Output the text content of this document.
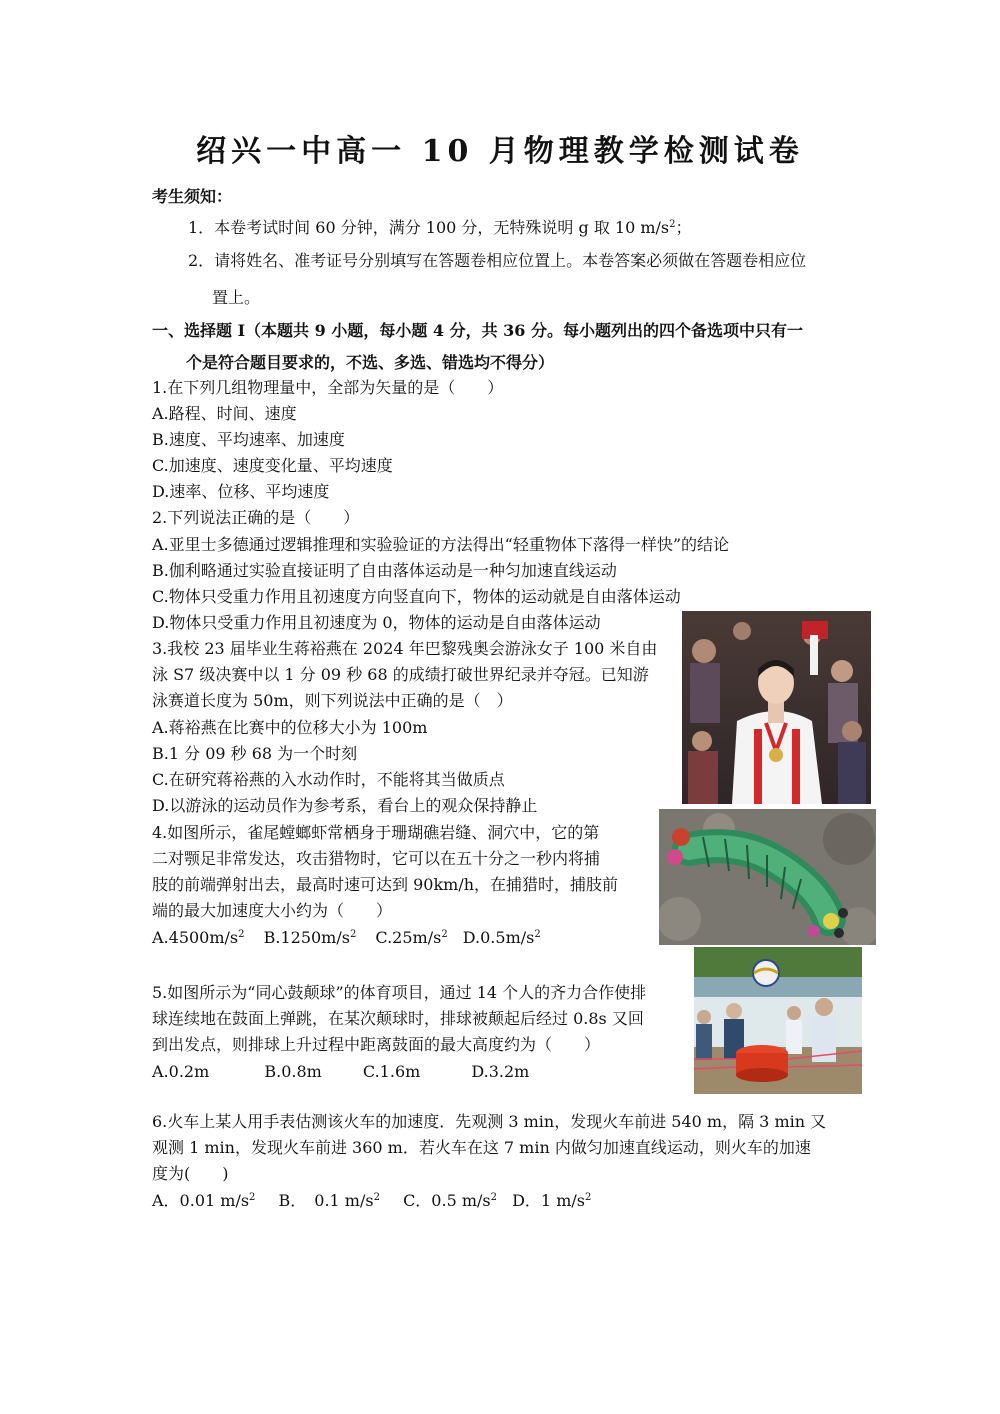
绍兴一中高一 10 月物理教学检测试卷
考生须知：
1．本卷考试时间 60 分钟，满分 100 分，无特殊说明 g 取 10 $m/s^2$；
2．请将姓名、准考证号分别填写在答题卷相应位置上。本卷答案必须做在答题卷相应位
置上。
一、选择题 I（本题共 9 小题，每小题 4 分，共 36 分。每小题列出的四个备选项中只有一
个是符合题目要求的，不选、多选、错选均不得分）
1.在下列几组物理量中，全部为矢量的是（　　）
A.路程、时间、速度
B.速度、平均速率、加速度
C.加速度、速度变化量、平均速度
D.速率、位移、平均速度
2.下列说法正确的是（　　）
A.亚里士多德通过逻辑推理和实验验证的方法得出“轻重物体下落得一样快”的结论
B.伽利略通过实验直接证明了自由落体运动是一种匀加速直线运动
C.物体只受重力作用且初速度方向竖直向下，物体的运动就是自由落体运动
D.物体只受重力作用且初速度为 0，物体的运动是自由落体运动
3.我校 23 届毕业生蒋裕燕在 2024 年巴黎残奥会游泳女子 100 米自由
泳 S7 级决赛中以 1 分 09 秒 68 的成绩打破世界纪录并夺冠。已知游
泳赛道长度为 50m，则下列说法中正确的是（　）
A.蒋裕燕在比赛中的位移大小为 100m
B.1 分 09 秒 68 为一个时刻
C.在研究蒋裕燕的入水动作时，不能将其当做质点
D.以游泳的运动员作为参考系，看台上的观众保持静止
4.如图所示，雀尾螳螂虾常栖身于珊瑚礁岩缝、洞穴中，它的第
二对颚足非常发达，攻击猎物时，它可以在五十分之一秒内将捕
肢的前端弹射出去，最高时速可达到 90km/h，在捕猎时，捕肢前
端的最大加速度大小约为（　　）
$A.4500m/s^2$ $B.1250m/s^2$ $C.25m/s^2$ $D.0.5m/s^2$
5.如图所示为“同心鼓颠球”的体育项目，通过 14 个人的齐力合作使排
球连续地在鼓面上弹跳，在某次颠球时，排球被颠起后经过 0.8s 又回
到出发点，则排球上升过程中距离鼓面的最大高度约为（　　）
A.0.2m	B.0.8m	C.1.6m	D.3.2m
6.火车上某人用手表估测该火车的加速度．先观测 3 min，发现火车前进 540 m，隔 3 min 又
观测 1 min，发现火车前进 360 m．若火车在这 7 min 内做匀加速直线运动，则火车的加速
度为(　　)
A．0.01 $m/s^2$ B．　0.1 $m/s^2$ C．0.5 $m/s^2$ D．1 $m/s^2$
